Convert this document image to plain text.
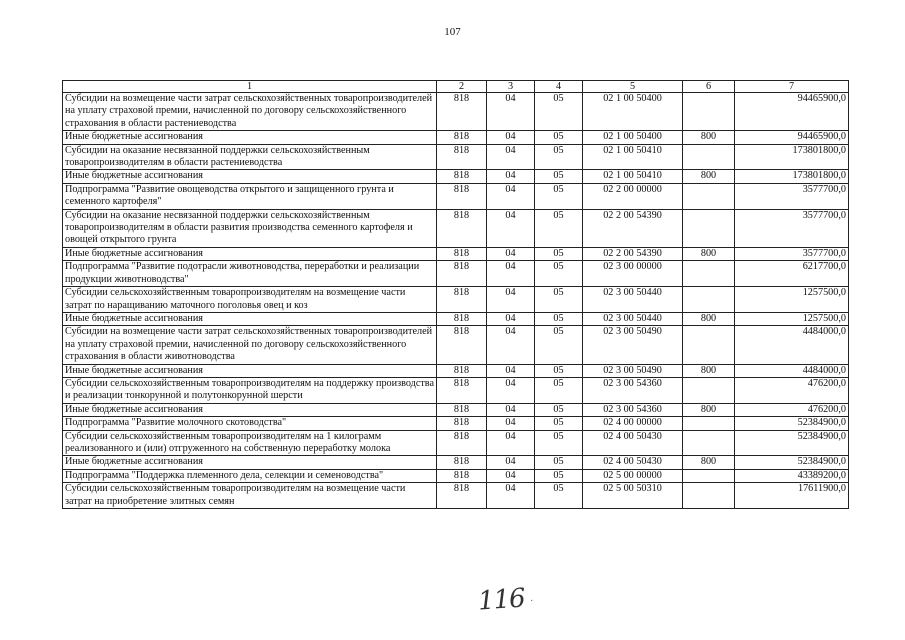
107
1	2	3	4	5	6	7
Субсидии на возмещение части затрат сельскохозяйственных товаропроизводителей на уплату страховой премии, начисленной по договору сельскохозяйственного страхования в области растениеводства	818	04	05	02 1 00 50400		94465900,0
Иные бюджетные ассигнования	818	04	05	02 1 00 50400	800	94465900,0
Субсидии на оказание несвязанной поддержки сельскохозяйственным товаропроизводителям в области растениеводства	818	04	05	02 1 00 50410		173801800,0
Иные бюджетные ассигнования	818	04	05	02 1 00 50410	800	173801800,0
Подпрограмма "Развитие овощеводства открытого и защищенного грунта и семенного картофеля"	818	04	05	02 2 00 00000		3577700,0
Субсидии на оказание несвязанной поддержки сельскохозяйственным товаропроизводителям в области развития производства семенного картофеля и овощей открытого грунта	818	04	05	02 2 00 54390		3577700,0
Иные бюджетные ассигнования	818	04	05	02 2 00 54390	800	3577700,0
Подпрограмма "Развитие подотрасли животноводства, переработки и реализации продукции животноводства"	818	04	05	02 3 00 00000		6217700,0
Субсидии сельскохозяйственным товаропроизводителям на возмещение части затрат по наращиванию маточного поголовья овец и коз	818	04	05	02 3 00 50440		1257500,0
Иные бюджетные ассигнования	818	04	05	02 3 00 50440	800	1257500,0
Субсидии на возмещение части затрат сельскохозяйственных товаропроизводителей на уплату страховой премии, начисленной по договору сельскохозяйственного страхования в области животноводства	818	04	05	02 3 00 50490		4484000,0
Иные бюджетные ассигнования	818	04	05	02 3 00 50490	800	4484000,0
Субсидии сельскохозяйственным товаропроизводителям на поддержку производства и реализации тонкорунной и полутонкорунной шерсти	818	04	05	02 3 00 54360		476200,0
Иные бюджетные ассигнования	818	04	05	02 3 00 54360	800	476200,0
Подпрограмма "Развитие молочного скотоводства"	818	04	05	02 4 00 00000		52384900,0
Субсидии сельскохозяйственным товаропроизводителям на 1 килограмм реализованного и (или) отгруженного на собственную переработку молока	818	04	05	02 4 00 50430		52384900,0
Иные бюджетные ассигнования	818	04	05	02 4 00 50430	800	52384900,0
Подпрограмма "Поддержка племенного дела, селекции и семеноводства"	818	04	05	02 5 00 00000		43389200,0
Субсидии сельскохозяйственным товаропроизводителям на возмещение части затрат на приобретение элитных семян	818	04	05	02 5 00 50310		17611900,0
116 ·
